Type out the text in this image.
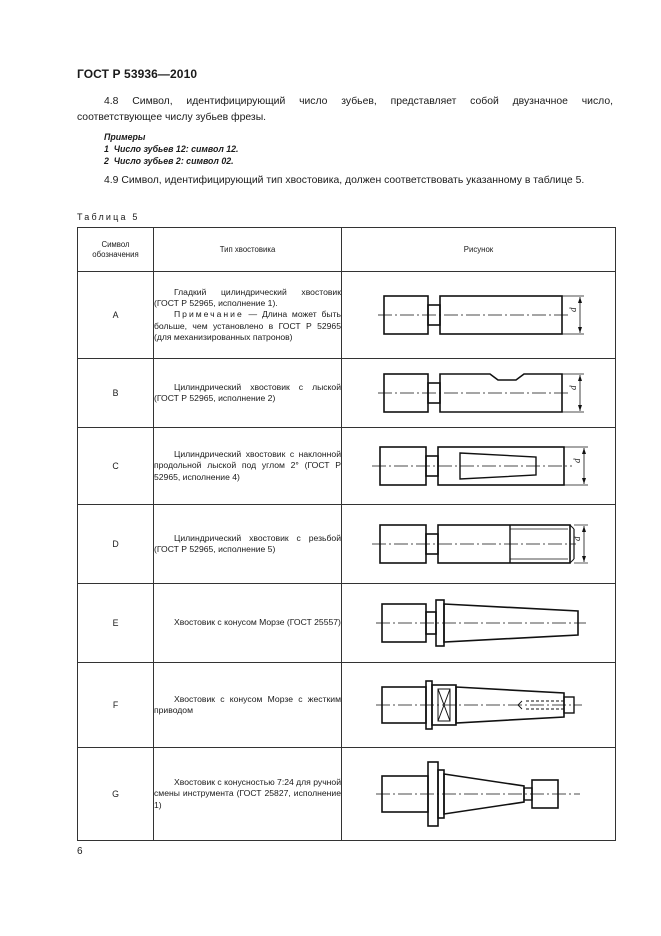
ГОСТ Р 53936—2010
4.8 Символ, идентифицирующий число зубьев, представляет собой двузначное число, соответствующее числу зубьев фрезы.
Примеры
1  Число зубьев 12: символ 12.
2  Число зубьев 2: символ 02.
4.9 Символ, идентифицирующий тип хвостовика, должен соответствовать указанному в таблице 5.
Таблица 5
Символ обозначения	Тип хвостовика	Рисунок
A	Гладкий цилиндрический хвостовик (ГОСТ Р 52965, исполнение 1).
Примечание — Длина может быть больше, чем установлено в ГОСТ Р 52965 (для механизированных патронов)	d

B	Цилиндрический хвостовик с лыской (ГОСТ Р 52965, исполнение 2)	d

C	Цилиндрический хвостовик с наклонной продольной лыской под углом 2° (ГОСТ Р 52965, исполнение 4)	d

D	Цилиндрический хвостовик с резьбой (ГОСТ Р 52965, исполнение 5)	d

E	Хвостовик с конусом Морзе (ГОСТ 25557)	

F	Хвостовик с конусом Морзе с жестким приводом	

G	Хвостовик с конусностью 7:24 для ручной смены инструмента (ГОСТ 25827, исполнение 1)	
6
